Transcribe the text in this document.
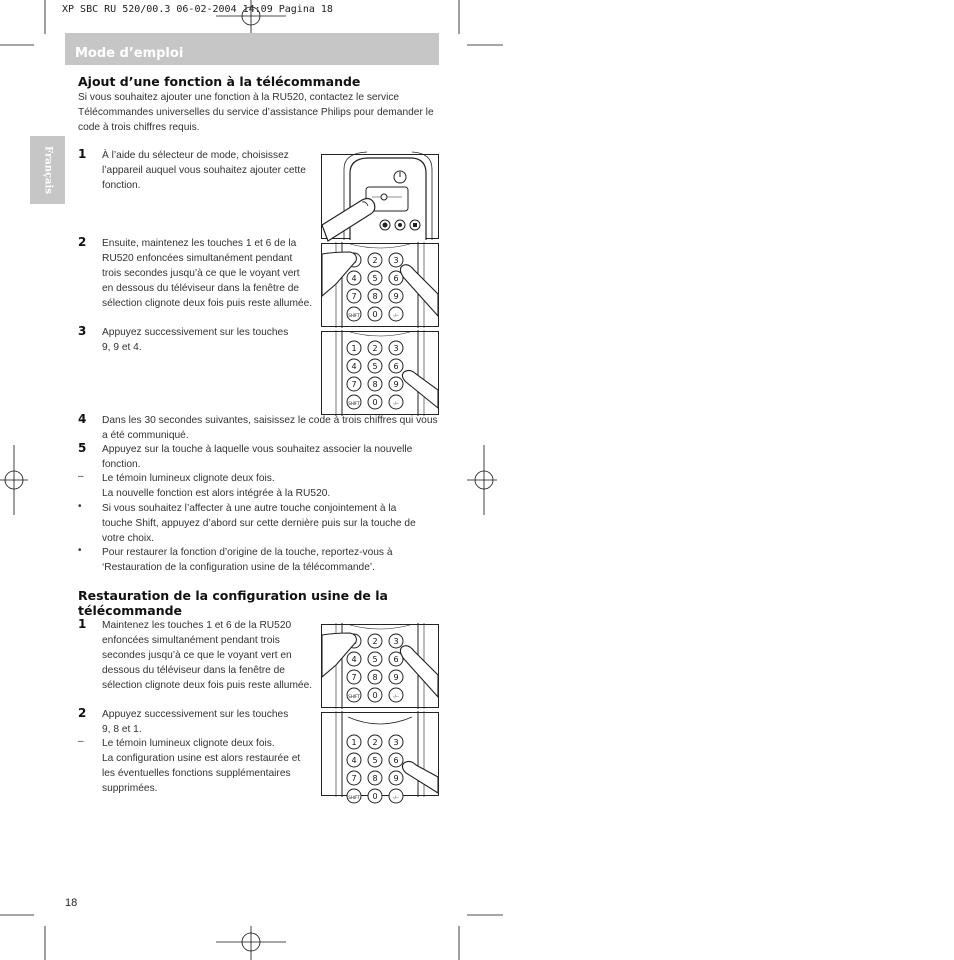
XP SBC RU 520/00.3 06-02-2004 14:09 Pagina 18
Mode d’emploi
Français
Ajout d’une fonction à la télécommande
Si vous souhaitez ajouter une fonction à la RU520, contactez le service
Télécommandes universelles du service d’assistance Philips pour demander le
code à trois chiffres requis.
1 À l’aide du sélecteur de mode, choisissez
l’appareil auquel vous souhaitez ajouter cette
fonction.
2 Ensuite, maintenez les touches 1 et 6 de la
RU520 enfoncées simultanément pendant
trois secondes jusqu’à ce que le voyant vert
en dessous du téléviseur dans la fenêtre de
sélection clignote deux fois puis reste allumée.
3 Appuyez successivement sur les touches
9, 9 et 4.
4 Dans les 30 secondes suivantes, saisissez le code à trois chiffres qui vous
a été communiqué.
5 Appuyez sur la touche à laquelle vous souhaitez associer la nouvelle
fonction.
– Le témoin lumineux clignote deux fois.
La nouvelle fonction est alors intégrée à la RU520.
• Si vous souhaitez l’affecter à une autre touche conjointement à la
touche Shift, appuyez d’abord sur cette dernière puis sur la touche de
votre choix.
• Pour restaurer la fonction d’origine de la touche, reportez-vous à
‘Restauration de la configuration usine de la télécommande’.
Restauration de la configuration usine de la
télécommande
1 Maintenez les touches 1 et 6 de la RU520
enfoncées simultanément pendant trois
secondes jusqu’à ce que le voyant vert en
dessous du téléviseur dans la fenêtre de
sélection clignote deux fois puis reste allumée.
2 Appuyez successivement sur les touches
9, 8 et 1.
– Le témoin lumineux clignote deux fois.
La configuration usine est alors restaurée et
les éventuelles fonctions supplémentaires
supprimées.
2 3
4 5 6
7 8 9
SHIFT 0	-/--
1 2 3
4 5 6
7 8 9
SHIFT 0	-/--
2 3
4 5 6
7 8 9
SHIFT 0	-/--
1 2 3
4 5 6
7 8 9
SHIFT 0	-/--
18
